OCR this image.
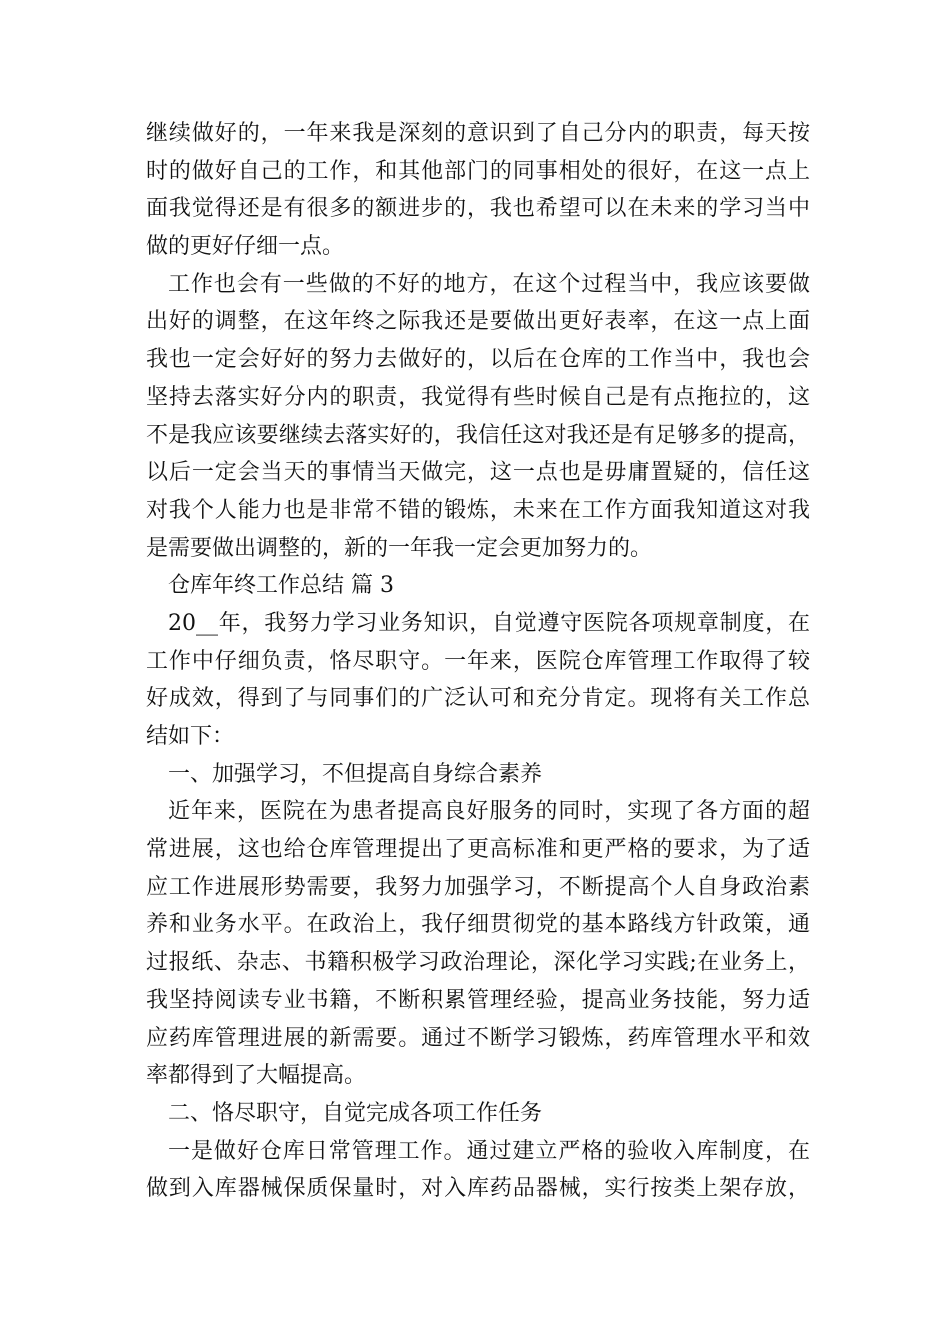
继续做好的，一年来我是深刻的意识到了自己分内的职责，每天按
时的做好自己的工作，和其他部门的同事相处的很好，在这一点上
面我觉得还是有很多的额进步的，我也希望可以在未来的学习当中
做的更好仔细一点。
工作也会有一些做的不好的地方，在这个过程当中，我应该要做
出好的调整，在这年终之际我还是要做出更好表率，在这一点上面
我也一定会好好的努力去做好的，以后在仓库的工作当中，我也会
坚持去落实好分内的职责，我觉得有些时候自己是有点拖拉的，这
不是我应该要继续去落实好的，我信任这对我还是有足够多的提高，
以后一定会当天的事情当天做完，这一点也是毋庸置疑的，信任这
对我个人能力也是非常不错的锻炼，未来在工作方面我知道这对我
是需要做出调整的，新的一年我一定会更加努力的。
仓库年终工作总结 篇 3
20__年，我努力学习业务知识，自觉遵守医院各项规章制度，在
工作中仔细负责，恪尽职守。一年来，医院仓库管理工作取得了较
好成效，得到了与同事们的广泛认可和充分肯定。现将有关工作总
结如下：
一、加强学习，不但提高自身综合素养
近年来，医院在为患者提高良好服务的同时，实现了各方面的超
常进展，这也给仓库管理提出了更高标准和更严格的要求，为了适
应工作进展形势需要，我努力加强学习，不断提高个人自身政治素
养和业务水平。在政治上，我仔细贯彻党的基本路线方针政策，通
过报纸、杂志、书籍积极学习政治理论，深化学习实践;在业务上，
我坚持阅读专业书籍，不断积累管理经验，提高业务技能，努力适
应药库管理进展的新需要。通过不断学习锻炼，药库管理水平和效
率都得到了大幅提高。
二、恪尽职守，自觉完成各项工作任务
一是做好仓库日常管理工作。通过建立严格的验收入库制度，在
做到入库器械保质保量时，对入库药品器械，实行按类上架存放，
